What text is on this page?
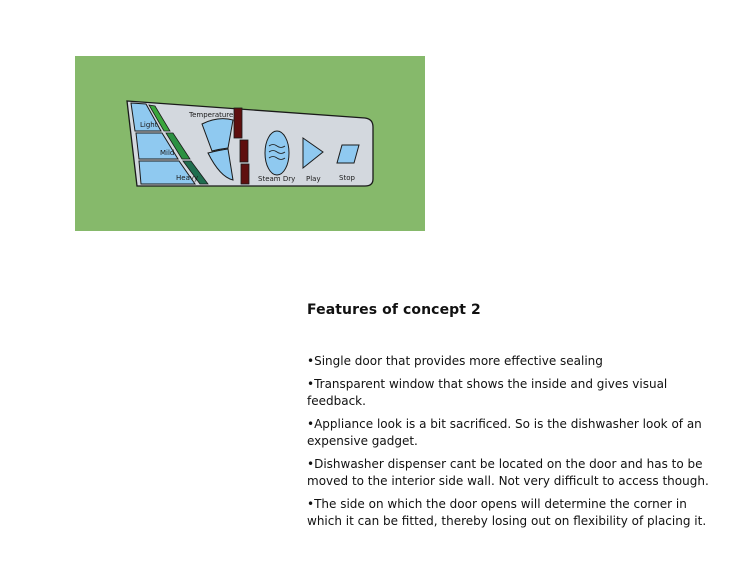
Light
Mild
Heavy
Temperature
Steam Dry Play	Stop
Features of concept 2
•Single door that provides more effective sealing
•Transparent window that shows the inside and gives visual feedback.
•Appliance look is a bit sacrificed. So is the dishwasher look of an expensive gadget.
•Dishwasher dispenser cant be located on the door and has to be moved to the interior side wall. Not very difficult to access though.
•The side on which the door opens will determine the corner in which it can be fitted, thereby losing out on flexibility of placing it.
